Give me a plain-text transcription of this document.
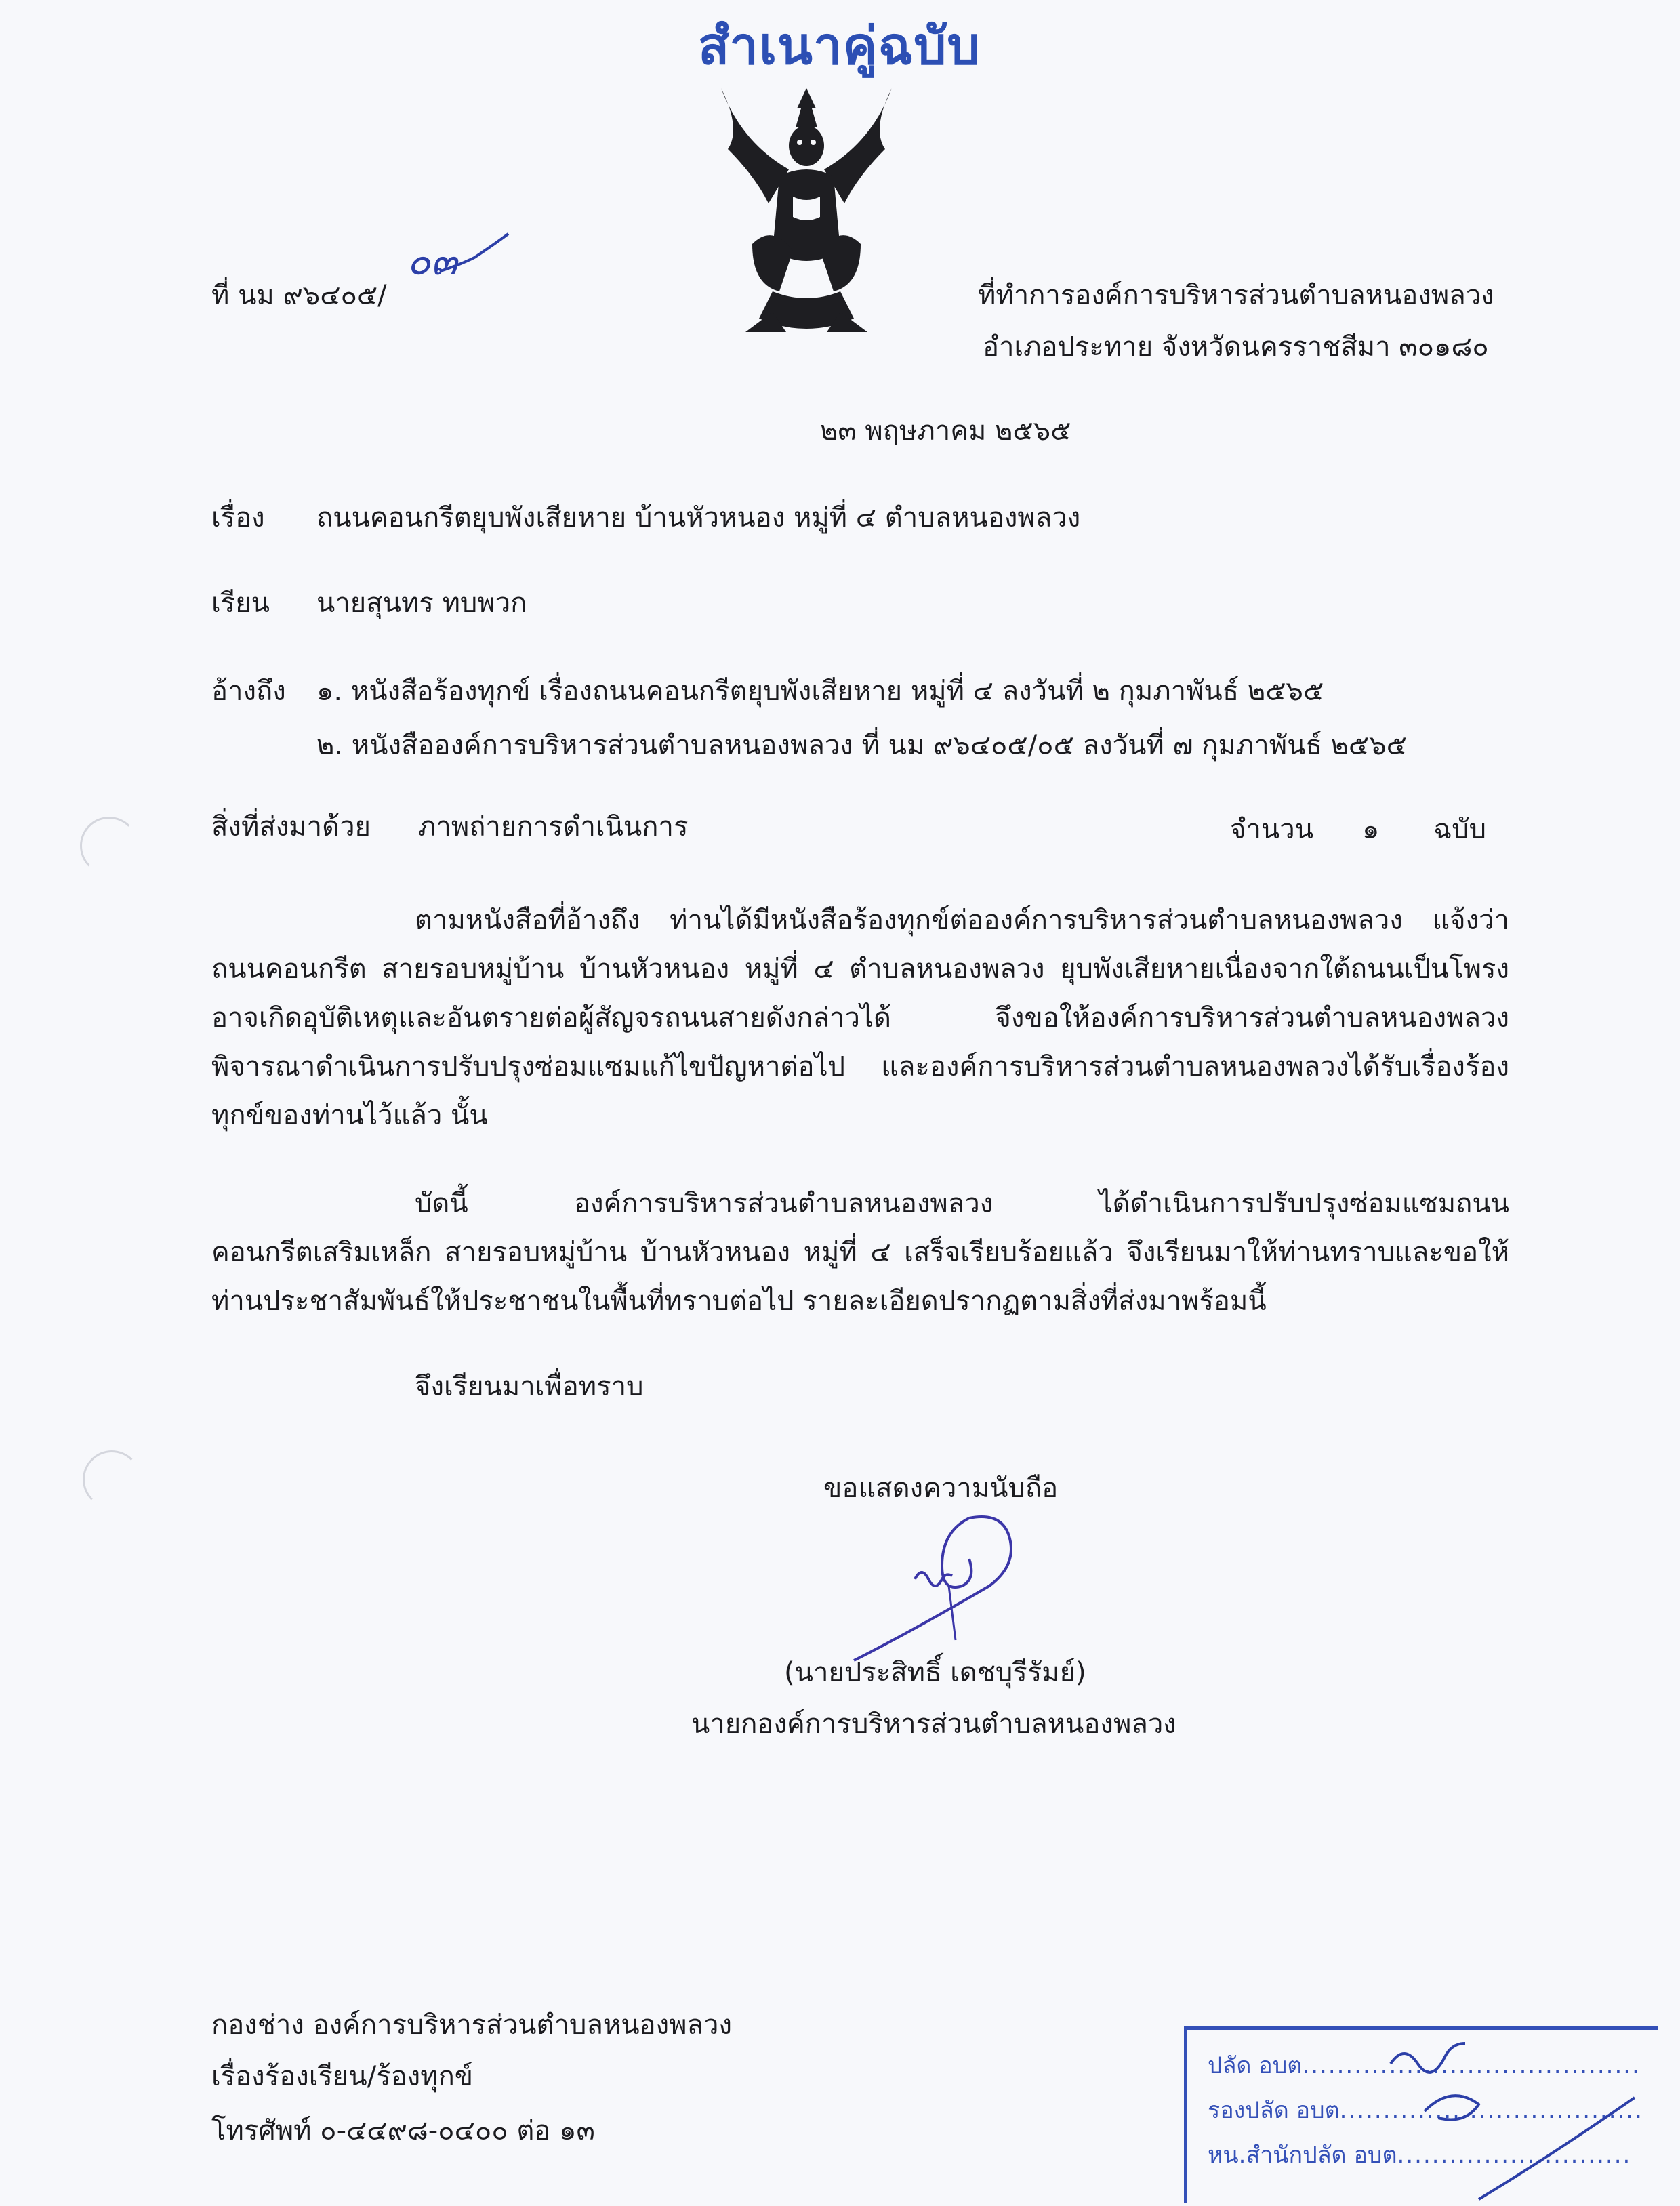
สำเนาคู่ฉบับ
ที่ นม ๙๖๔๐๕/
๐๓
ที่ทำการองค์การบริหารส่วนตำบลหนองพลวง
อำเภอประทาย จังหวัดนครราชสีมา ๓๐๑๘๐
๒๓ พฤษภาคม ๒๕๖๕
เรื่อง ถนนคอนกรีตยุบพังเสียหาย บ้านหัวหนอง หมู่ที่ ๔ ตำบลหนองพลวง
เรียน นายสุนทร ทบพวก
อ้างถึง ๑. หนังสือร้องทุกข์ เรื่องถนนคอนกรีตยุบพังเสียหาย หมู่ที่ ๔ ลงวันที่ ๒ กุมภาพันธ์ ๒๕๖๕
๒. หนังสือองค์การบริหารส่วนตำบลหนองพลวง ที่ นม ๙๖๔๐๕/๐๕ ลงวันที่ ๗ กุมภาพันธ์ ๒๕๖๕
สิ่งที่ส่งมาด้วย ภาพถ่ายการดำเนินการ	จำนวน ๑ ฉบับ
ตามหนังสือที่อ้างถึง ท่านได้มีหนังสือร้องทุกข์ต่อองค์การบริหารส่วนตำบลหนองพลวง แจ้งว่า ถนนคอนกรีต สายรอบหมู่บ้าน บ้านหัวหนอง หมู่ที่ ๔ ตำบลหนองพลวง ยุบพังเสียหายเนื่องจากใต้ถนนเป็นโพรง อาจเกิดอุบัติเหตุและอันตรายต่อผู้สัญจรถนนสายดังกล่าวได้ จึงขอให้องค์การบริหารส่วนตำบลหนองพลวง พิจารณาดำเนินการปรับปรุงซ่อมแซมแก้ไขปัญหาต่อไป และองค์การบริหารส่วนตำบลหนองพลวงได้รับเรื่องร้องทุกข์ของท่านไว้แล้ว นั้น
บัดนี้ องค์การบริหารส่วนตำบลหนองพลวง ได้ดำเนินการปรับปรุงซ่อมแซมถนนคอนกรีตเสริมเหล็ก สายรอบหมู่บ้าน บ้านหัวหนอง หมู่ที่ ๔ เสร็จเรียบร้อยแล้ว จึงเรียนมาให้ท่านทราบและขอให้ท่านประชาสัมพันธ์ให้ประชาชนในพื้นที่ทราบต่อไป รายละเอียดปรากฏตามสิ่งที่ส่งมาพร้อมนี้
จึงเรียนมาเพื่อทราบ
ขอแสดงความนับถือ
(นายประสิทธิ์ เดชบุรีรัมย์)
นายกองค์การบริหารส่วนตำบลหนองพลวง
กองช่าง องค์การบริหารส่วนตำบลหนองพลวง
เรื่องร้องเรียน/ร้องทุกข์
โทรศัพท์ ๐-๔๔๙๘-๐๔๐๐ ต่อ ๑๓
ปลัด อบต.......................................
รองปลัด อบต...................................
หน.สำนักปลัด อบต...........................
